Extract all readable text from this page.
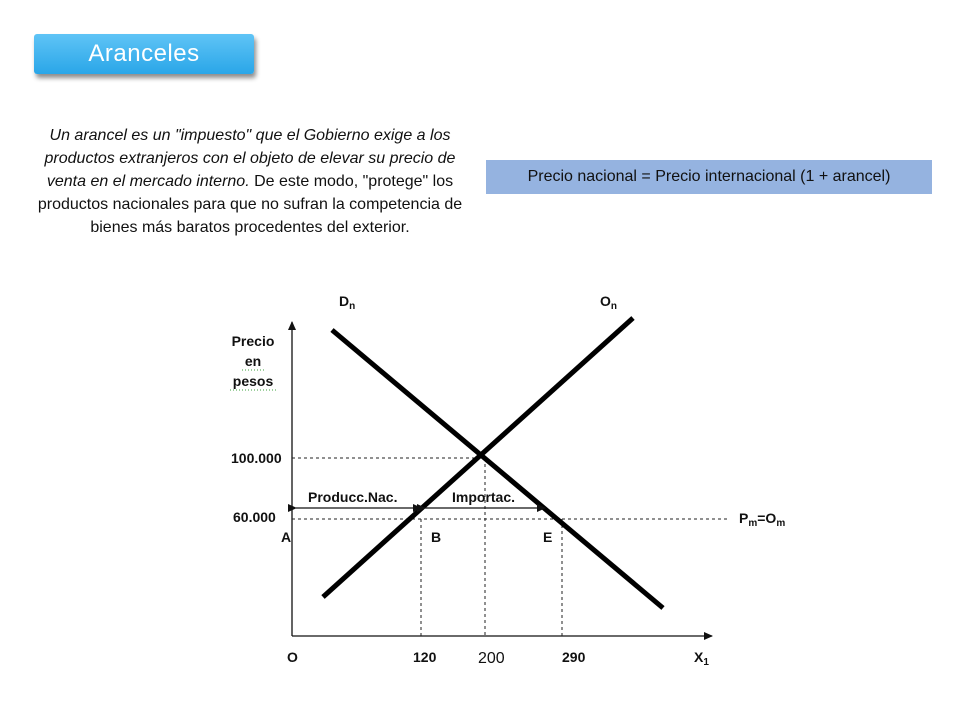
Aranceles
Un arancel es un "impuesto" que el Gobierno exige a los productos extranjeros con el objeto de elevar su precio de venta en el mercado interno. De este modo, "protege" los productos nacionales para que no sufran la competencia de bienes más baratos procedentes del exterior.
Precio nacional = Precio internacional (1 + arancel)
Precio
en
pesos
100.000
60.000
A	B	E
Producc.Nac.	Importac.
$D_n$	$O_n$
$P_m=O_m$
O	120	200	290	$X_1$
